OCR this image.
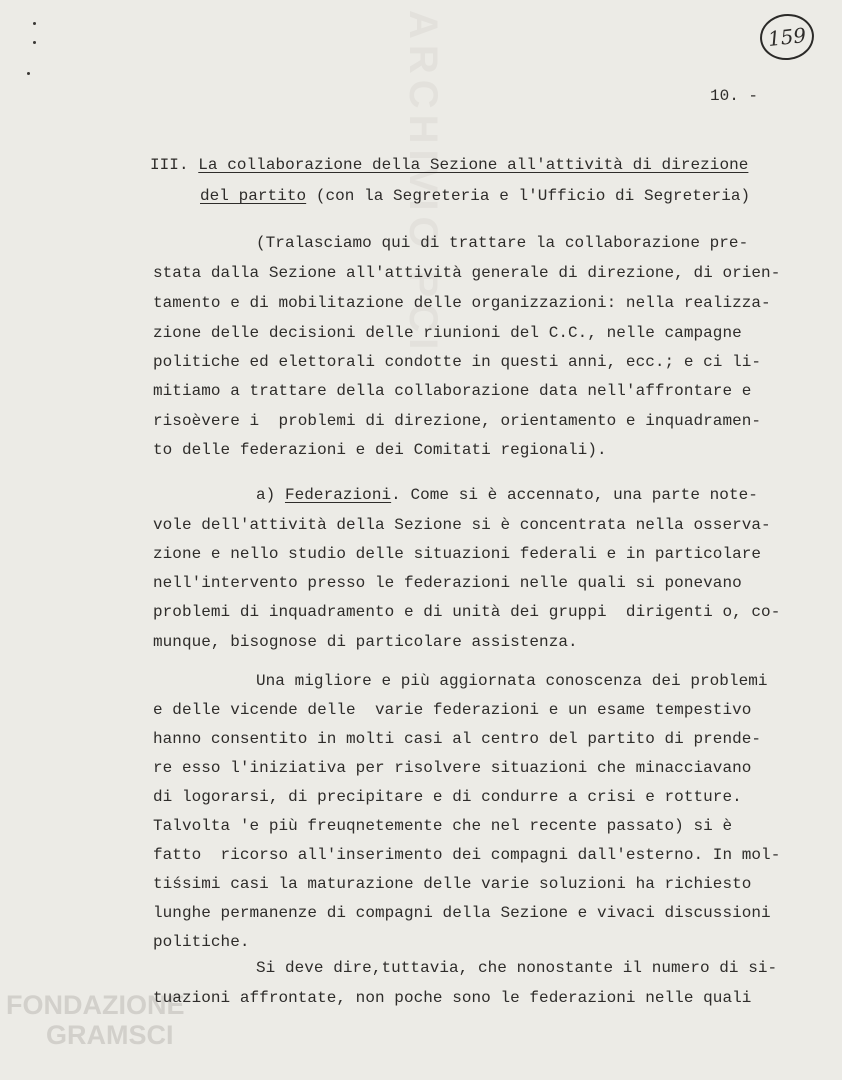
ARCHIVIO PCI
FONDAZIONE
GRAMSCI
159
10. -
III. La collaborazione della Sezione all'attività di direzione
del partito (con la Segreteria e l'Ufficio di Segreteria)
(Tralasciamo qui di trattare la collaborazione pre-
stata dalla Sezione all'attività generale di direzione, di orien-
tamento e di mobilitazione delle organizzazioni: nella realizza-
zione delle decisioni delle riunioni del C.C., nelle campagne
politiche ed elettorali condotte in questi anni, ecc.; e ci li-
mitiamo a trattare della collaborazione data nell'affrontare e
risoèvere i  problemi di direzione, orientamento e inquadramen-
to delle federazioni e dei Comitati regionali).
a) Federazioni. Come si è accennato, una parte note-
vole dell'attività della Sezione si è concentrata nella osserva-
zione e nello studio delle situazioni federali e in particolare
nell'intervento presso le federazioni nelle quali si ponevano
problemi di inquadramento e di unità dei gruppi  dirigenti o, co-
munque, bisognose di particolare assistenza.
Una migliore e più aggiornata conoscenza dei problemi
e delle vicende delle  varie federazioni e un esame tempestivo
hanno consentito in molti casi al centro del partito di prende-
re esso l'iniziativa per risolvere situazioni che minacciavano
di logorarsi, di precipitare e di condurre a crisi e rotture.
Talvolta 'e più freuqnetemente che nel recente passato) si è
fatto  ricorso all'inserimento dei compagni dall'esterno. In mol-
tiśsimi casi la maturazione delle varie soluzioni ha richiesto
lunghe permanenze di compagni della Sezione e vivaci discussioni
politiche.
Si deve dire,tuttavia, che nonostante il numero di si-
tuazioni affrontate, non poche sono le federazioni nelle quali
